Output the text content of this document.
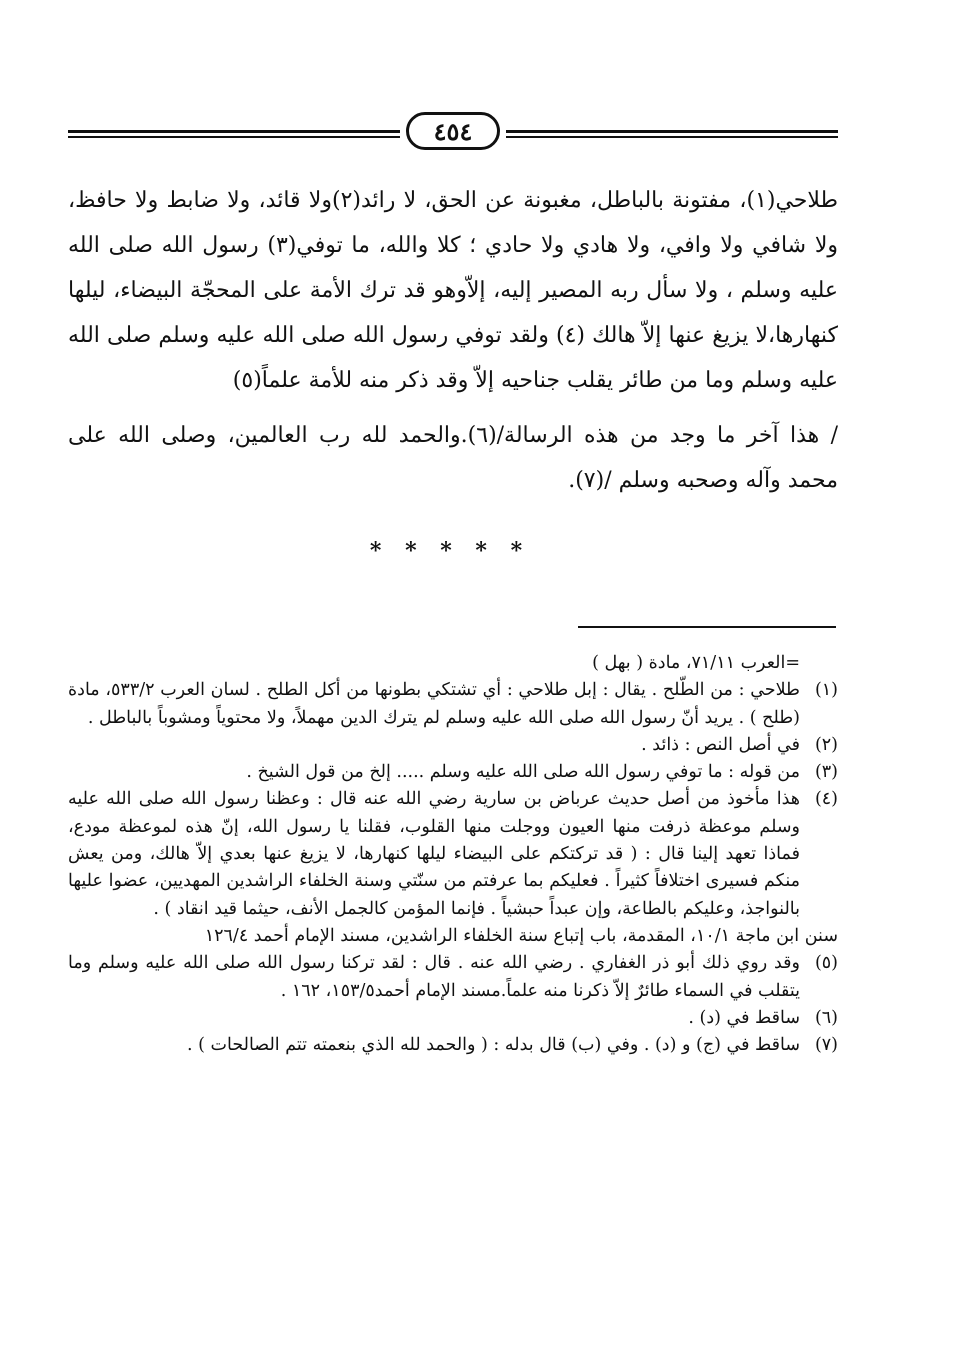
٤٥٤

طلاحي(١)، مفتونة بالباطل، مغبونة عن الحق، لا رائد(٢)ولا قائد، ولا ضابط ولا حافظ، ولا شافي ولا وافي، ولا هادي ولا حادي ؛ كلا والله، ما توفي(٣) رسول الله صلى الله عليه وسلم ، ولا سأل ربه المصير إليه، إلاّوهو قد ترك الأمة على المحجّة البيضاء، ليلها كنهارها،لا يزيغ عنها إلاّ هالك (٤) ولقد توفي رسول الله صلى الله عليه وسلم صلى الله عليه وسلم وما من طائر يقلب جناحيه إلاّ وقد ذكر منه للأمة علماً(٥)

/ هذا آخر ما وجد من هذه الرسالة/(٦).والحمد لله رب العالمين، وصلى الله على محمد وآله وصحبه وسلم /(٧).

* * * * *
=العرب ٧١/١١، مادة ( بهل )
(١)
طلاحي : من الطّلح . يقال : إبل طلاحي : أي تشتكي بطونها من أكل الطلح . لسان العرب ٥٣٣/٢، مادة (طلح ) . يريد أنّ رسول الله صلى الله عليه وسلم لم يترك الدين مهملاً، ولا محتوياً ومشوباً بالباطل .
(٢)
في أصل النص : ذائد .
(٣)
من قوله : ما توفي رسول الله صلى الله عليه وسلم ..... إلخ من قول الشيخ .
(٤)
هذا مأخوذ من أصل حديث عرباض بن سارية رضي الله عنه قال : وعظنا رسول الله صلى الله عليه وسلم موعظة ذرفت منها العيون ووجلت منها القلوب، فقلنا يا رسول الله، إنّ هذه لموعظة مودع، فماذا تعهد إلينا قال : ( قد تركتكم على البيضاء ليلها كنهارها، لا يزيغ عنها بعدي إلاّ هالك، ومن يعش منكم فسيرى اختلافاً كثيراً . فعليكم بما عرفتم من سنّتي وسنة الخلفاء الراشدين المهديين، عضوا عليها بالنواجذ، وعليكم بالطاعة، وإن عبداً حبشياً . فإنما المؤمن كالجمل الأنف، حيثما قيد انقاد ) .
سنن ابن ماجة ١٠/١، المقدمة، باب إتباع سنة الخلفاء الراشدين، مسند الإمام أحمد ١٢٦/٤
(٥)
وقد روي ذلك أبو ذر الغفاري . رضي الله عنه . قال : لقد تركنا رسول الله صلى الله عليه وسلم وما يتقلب في السماء طائرٌ إلاّ ذكرنا منه علماً.مسند الإمام أحمد١٥٣/٥، ١٦٢ .
(٦)
ساقط في (د) .
(٧)
ساقط في (ج) و (د) . وفي (ب) قال بدله : ( والحمد لله الذي بنعمته تتم الصالحات ) .
